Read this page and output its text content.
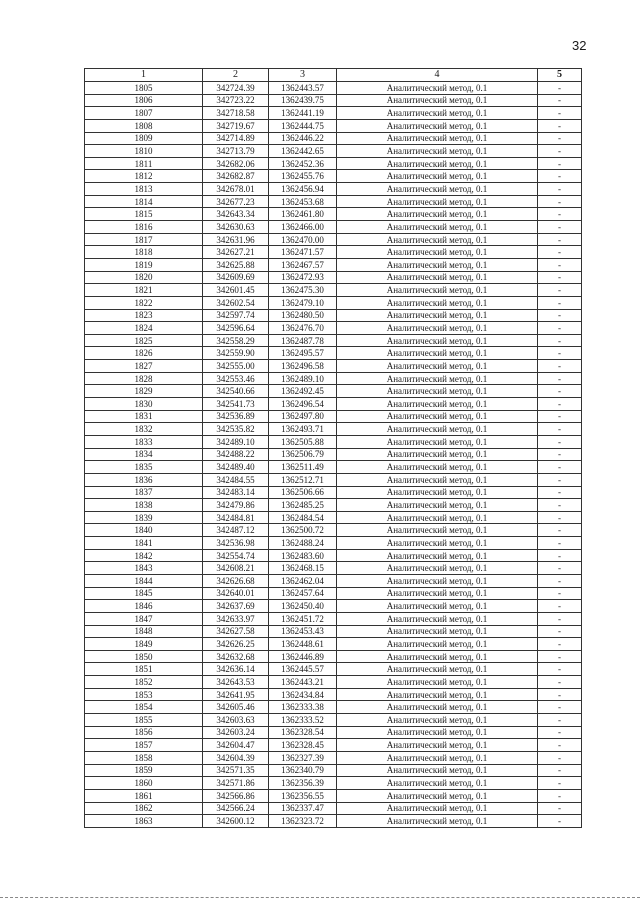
32
1	2	3	4	5
1805	342724.39	1362443.57	Аналитический метод, 0.1	-
1806	342723.22	1362439.75	Аналитический метод, 0.1	-
1807	342718.58	1362441.19	Аналитический метод, 0.1	-
1808	342719.67	1362444.75	Аналитический метод, 0.1	-
1809	342714.89	1362446.22	Аналитический метод, 0.1	-
1810	342713.79	1362442.65	Аналитический метод, 0.1	-
1811	342682.06	1362452.36	Аналитический метод, 0.1	-
1812	342682.87	1362455.76	Аналитический метод, 0.1	-
1813	342678.01	1362456.94	Аналитический метод, 0.1	-
1814	342677.23	1362453.68	Аналитический метод, 0.1	-
1815	342643.34	1362461.80	Аналитический метод, 0.1	-
1816	342630.63	1362466.00	Аналитический метод, 0.1	-
1817	342631.96	1362470.00	Аналитический метод, 0.1	-
1818	342627.21	1362471.57	Аналитический метод, 0.1	-
1819	342625.88	1362467.57	Аналитический метод, 0.1	-
1820	342609.69	1362472.93	Аналитический метод, 0.1	-
1821	342601.45	1362475.30	Аналитический метод, 0.1	-
1822	342602.54	1362479.10	Аналитический метод, 0.1	-
1823	342597.74	1362480.50	Аналитический метод, 0.1	-
1824	342596.64	1362476.70	Аналитический метод, 0.1	-
1825	342558.29	1362487.78	Аналитический метод, 0.1	-
1826	342559.90	1362495.57	Аналитический метод, 0.1	-
1827	342555.00	1362496.58	Аналитический метод, 0.1	-
1828	342553.46	1362489.10	Аналитический метод, 0.1	-
1829	342540.66	1362492.45	Аналитический метод, 0.1	-
1830	342541.73	1362496.54	Аналитический метод, 0.1	-
1831	342536.89	1362497.80	Аналитический метод, 0.1	-
1832	342535.82	1362493.71	Аналитический метод, 0.1	-
1833	342489.10	1362505.88	Аналитический метод, 0.1	-
1834	342488.22	1362506.79	Аналитический метод, 0.1	-
1835	342489.40	1362511.49	Аналитический метод, 0.1	-
1836	342484.55	1362512.71	Аналитический метод, 0.1	-
1837	342483.14	1362506.66	Аналитический метод, 0.1	-
1838	342479.86	1362485.25	Аналитический метод, 0.1	-
1839	342484.81	1362484.54	Аналитический метод, 0.1	-
1840	342487.12	1362500.72	Аналитический метод, 0.1	-
1841	342536.98	1362488.24	Аналитический метод, 0.1	-
1842	342554.74	1362483.60	Аналитический метод, 0.1	-
1843	342608.21	1362468.15	Аналитический метод, 0.1	-
1844	342626.68	1362462.04	Аналитический метод, 0.1	-
1845	342640.01	1362457.64	Аналитический метод, 0.1	-
1846	342637.69	1362450.40	Аналитический метод, 0.1	-
1847	342633.97	1362451.72	Аналитический метод, 0.1	-
1848	342627.58	1362453.43	Аналитический метод, 0.1	-
1849	342626.25	1362448.61	Аналитический метод, 0.1	-
1850	342632.68	1362446.89	Аналитический метод, 0.1	-
1851	342636.14	1362445.57	Аналитический метод, 0.1	-
1852	342643.53	1362443.21	Аналитический метод, 0.1	-
1853	342641.95	1362434.84	Аналитический метод, 0.1	-
1854	342605.46	1362333.38	Аналитический метод, 0.1	-
1855	342603.63	1362333.52	Аналитический метод, 0.1	-
1856	342603.24	1362328.54	Аналитический метод, 0.1	-
1857	342604.47	1362328.45	Аналитический метод, 0.1	-
1858	342604.39	1362327.39	Аналитический метод, 0.1	-
1859	342571.35	1362340.79	Аналитический метод, 0.1	-
1860	342571.86	1362356.39	Аналитический метод, 0.1	-
1861	342566.86	1362356.55	Аналитический метод, 0.1	-
1862	342566.24	1362337.47	Аналитический метод, 0.1	-
1863	342600.12	1362323.72	Аналитический метод, 0.1	-
